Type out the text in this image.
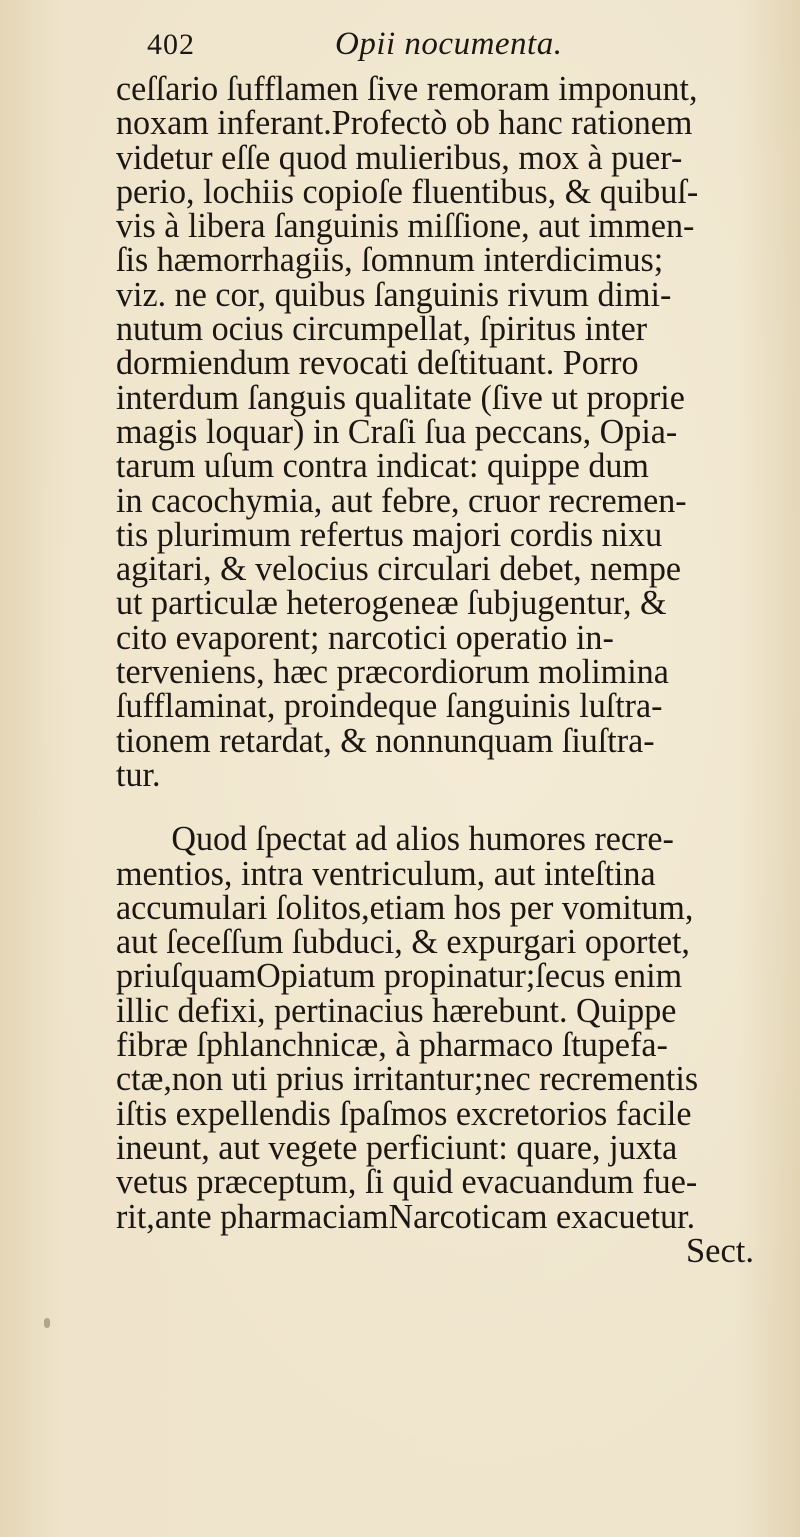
402	Opii nocumenta.
ceſſario ſufflamen ſive remoram imponunt,
noxam inferant.Profectò ob hanc rationem
videtur eſſe quod mulieribus, mox à puer-
perio, lochiis copioſe fluentibus, & quibuſ-
vis à libera ſanguinis miſſione, aut immen-
ſis hæmorrhagiis, ſomnum interdicimus;
viz. ne cor, quibus ſanguinis rivum dimi-
nutum ocius circumpellat, ſpiritus inter
dormiendum revocati deſtituant. Porro
interdum ſanguis qualitate (ſive ut proprie
magis loquar) in Craſi ſua peccans, Opia-
tarum uſum contra indicat: quippe dum
in cacochymia, aut febre, cruor recremen-
tis plurimum refertus majori cordis nixu
agitari, & velocius circulari debet, nempe
ut particulæ heterogeneæ ſubjugentur, &
cito evaporent; narcotici operatio in-
terveniens, hæc præcordiorum molimina
ſufflaminat, proindeque ſanguinis luſtra-
tionem retardat, & nonnunquam ſiuſtra-
tur.
Quod ſpectat ad alios humores recre-
mentios, intra ventriculum, aut inteſtina
accumulari ſolitos,etiam hos per vomitum,
aut ſeceſſum ſubduci, & expurgari oportet,
priuſquamOpiatum propinatur;ſecus enim
illic defixi, pertinacius hærebunt. Quippe
fibræ ſphlanchnicæ, à pharmaco ſtupefa-
ctæ,non uti prius irritantur;nec recrementis
iſtis expellendis ſpaſmos excretorios facile
ineunt, aut vegete perficiunt: quare, juxta
vetus præceptum, ſi quid evacuandum fue-
rit,ante pharmaciamNarcoticam exacuetur.
Sect.
